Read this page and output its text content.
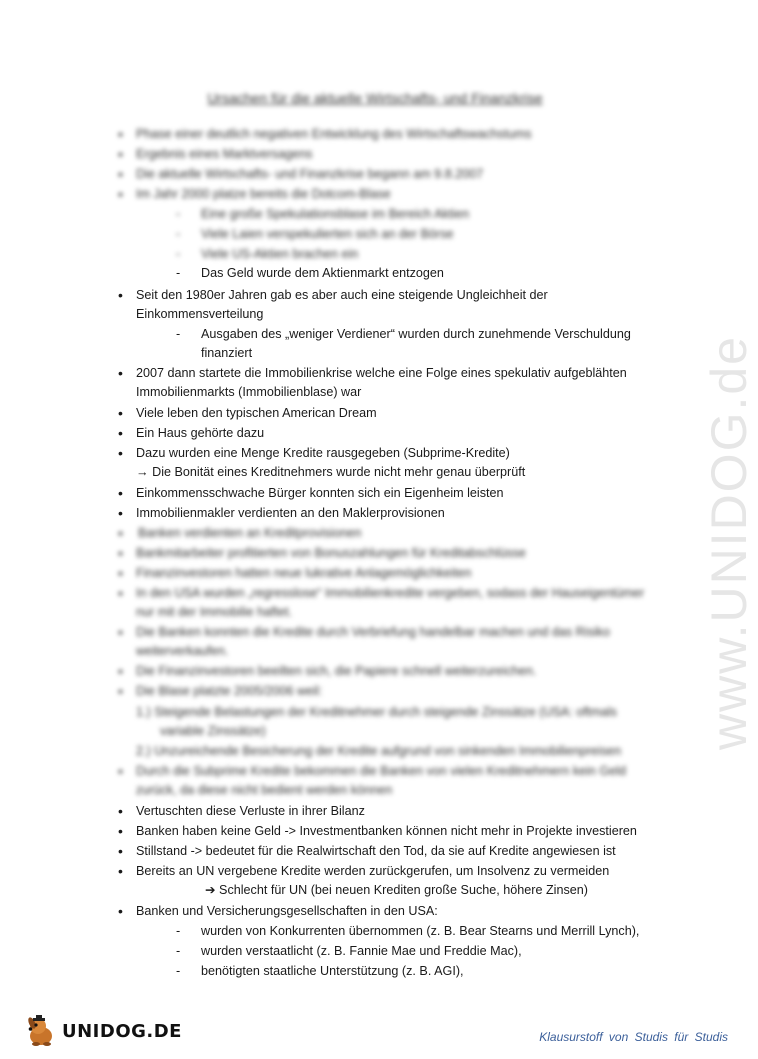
www.UNIDOG.de
Ursachen für die aktuelle Wirtschafts- und Finanzkrise
• Phase einer deutlich negativen Entwicklung des Wirtschaftswachstums
• Ergebnis eines Marktversagens
• Die aktuelle Wirtschafts- und Finanzkrise begann am 9.8.2007
• Im Jahr 2000 platze bereits die Dotcom-Blase
- Eine große Spekulationsblase im Bereich Aktien
- Viele Laien verspekulierten sich an der Börse
- Viele US-Aktien brachen ein
- Das Geld wurde dem Aktienmarkt entzogen
• Seit den 1980er Jahren gab es aber auch eine steigende Ungleichheit der
Einkommensverteilung
- Ausgaben des „weniger Verdiener“ wurden durch zunehmende Verschuldung
finanziert
• 2007 dann startete die Immobilienkrise welche eine Folge eines spekulativ aufgeblähten
Immobilienmarkts (Immobilienblase) war
• Viele leben den typischen American Dream
• Ein Haus gehörte dazu
• Dazu wurden eine Menge Kredite rausgegeben (Subprime-Kredite)
→ Die Bonität eines Kreditnehmers wurde nicht mehr genau überprüft
• Einkommensschwache Bürger konnten sich ein Eigenheim leisten
• Immobilienmakler verdienten an den Maklerprovisionen
• Banken verdienten an Kreditprovisionen
• Bankmitarbeiter profitierten von Bonuszahlungen für Kreditabschlüsse
• Finanzinvestoren hatten neue lukrative Anlagemöglichkeiten
• In den USA wurden „regresslose“ Immobilienkredite vergeben, sodass der Hauseigentümer
nur mit der Immobilie haftet.
• Die Banken konnten die Kredite durch Verbriefung handelbar machen und das Risiko
weiterverkaufen.
• Die Finanzinvestoren beeilten sich, die Papiere schnell weiterzureichen.
• Die Blase platzte 2005/2006 weil:
1.) Steigende Belastungen der Kreditnehmer durch steigende Zinssätze (USA: oftmals
variable Zinssätze)
2.) Unzureichende Besicherung der Kredite aufgrund von sinkenden Immobilienpreisen
• Durch die Subprime Kredite bekommen die Banken von vielen Kreditnehmern kein Geld
zurück, da diese nicht bedient werden können
• Vertuschten diese Verluste in ihrer Bilanz
• Banken haben keine Geld -> Investmentbanken können nicht mehr in Projekte investieren
• Stillstand -> bedeutet für die Realwirtschaft den Tod, da sie auf Kredite angewiesen ist
• Bereits an UN vergebene Kredite werden zurückgerufen, um Insolvenz zu vermeiden
➔ Schlecht für UN (bei neuen Krediten große Suche, höhere Zinsen)
• Banken und Versicherungsgesellschaften in den USA:
- wurden von Konkurrenten übernommen (z. B. Bear Stearns und Merrill Lynch),
- wurden verstaatlicht (z. B. Fannie Mae und Freddie Mac),
- benötigten staatliche Unterstützung (z. B. AGI),
UNIDOG.DE	Klausurstoff von Studis für Studis
